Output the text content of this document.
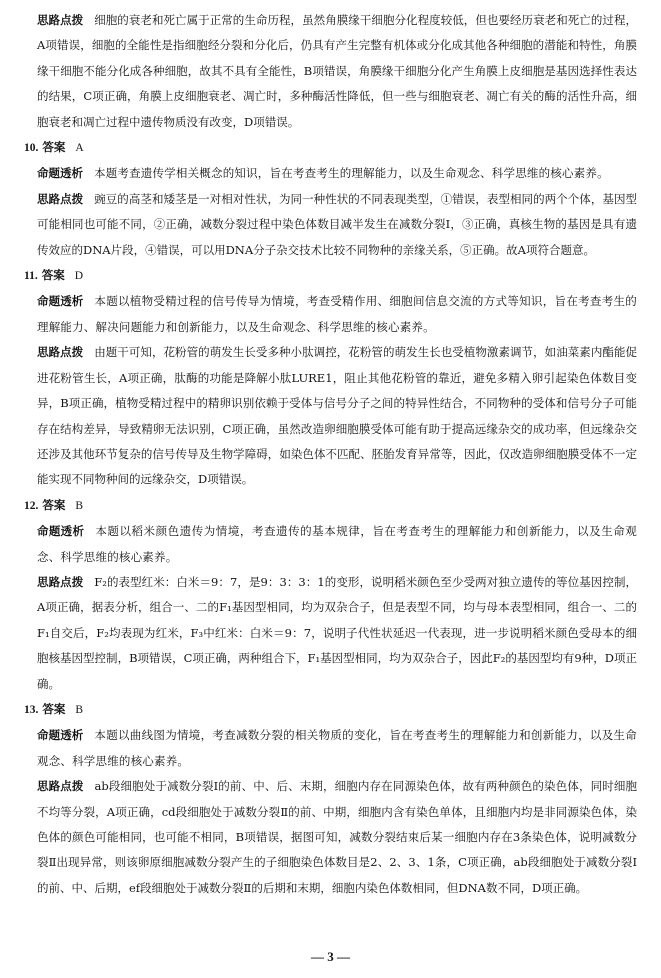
思路点拨 细胞的衰老和死亡属于正常的生命历程，虽然角膜缘干细胞分化程度较低，但也要经历衰老和死亡的过程，A项错误，细胞的全能性是指细胞经分裂和分化后，仍具有产生完整有机体或分化成其他各种细胞的潜能和特性，角膜缘干细胞不能分化成各种细胞，故其不具有全能性，B项错误，角膜缘干细胞分化产生角膜上皮细胞是基因选择性表达的结果，C项正确，角膜上皮细胞衰老、凋亡时，多种酶活性降低，但一些与细胞衰老、凋亡有关的酶的活性升高，细胞衰老和凋亡过程中遗传物质没有改变，D项错误。

10. 答案 A

命题透析 本题考查遗传学相关概念的知识，旨在考查考生的理解能力，以及生命观念、科学思维的核心素养。

思路点拨 豌豆的高茎和矮茎是一对相对性状，为同一种性状的不同表现类型，①错误，表型相同的两个个体，基因型可能相同也可能不同，②正确，减数分裂过程中染色体数目减半发生在减数分裂Ⅰ，③正确，真核生物的基因是具有遗传效应的DNA片段，④错误，可以用DNA分子杂交技术比较不同物种的亲缘关系，⑤正确。故A项符合题意。

11. 答案 D

命题透析 本题以植物受精过程的信号传导为情境，考查受精作用、细胞间信息交流的方式等知识，旨在考查考生的理解能力、解决问题能力和创新能力，以及生命观念、科学思维的核心素养。

思路点拨 由题干可知，花粉管的萌发生长受多种小肽调控，花粉管的萌发生长也受植物激素调节，如油菜素内酯能促进花粉管生长，A项正确，肽酶的功能是降解小肽LURE1，阻止其他花粉管的靠近，避免多精入卵引起染色体数目变异，B项正确，植物受精过程中的精卵识别依赖于受体与信号分子之间的特异性结合，不同物种的受体和信号分子可能存在结构差异，导致精卵无法识别，C项正确，虽然改造卵细胞膜受体可能有助于提高远缘杂交的成功率，但远缘杂交还涉及其他环节复杂的信号传导及生物学障碍，如染色体不匹配、胚胎发育异常等，因此，仅改造卵细胞膜受体不一定能实现不同物种间的远缘杂交，D项错误。

12. 答案 B

命题透析 本题以稻米颜色遗传为情境，考查遗传的基本规律，旨在考查考生的理解能力和创新能力，以及生命观念、科学思维的核心素养。

思路点拨 F₂的表型红米：白米＝9：7，是9：3：3：1的变形，说明稻米颜色至少受两对独立遗传的等位基因控制，A项正确，据表分析，组合一、二的F₁基因型相同，均为双杂合子，但是表型不同，均与母本表型相同，组合一、二的F₁自交后，F₂均表现为红米，F₃中红米：白米＝9：7，说明子代性状延迟一代表现，进一步说明稻米颜色受母本的细胞核基因型控制，B项错误，C项正确，两种组合下，F₁基因型相同，均为双杂合子，因此F₂的基因型均有9种，D项正确。

13. 答案 B

命题透析 本题以曲线图为情境，考查减数分裂的相关物质的变化，旨在考查考生的理解能力和创新能力，以及生命观念、科学思维的核心素养。

思路点拨 ab段细胞处于减数分裂Ⅰ的前、中、后、末期，细胞内存在同源染色体，故有两种颜色的染色体，同时细胞不均等分裂，A项正确，cd段细胞处于减数分裂Ⅱ的前、中期，细胞内含有染色单体，且细胞内均是非同源染色体，染色体的颜色可能相同，也可能不相同，B项错误，据图可知，减数分裂结束后某一细胞内存在3条染色体，说明减数分裂Ⅱ出现异常，则该卵原细胞减数分裂产生的子细胞染色体数目是2、2、3、1条，C项正确，ab段细胞处于减数分裂Ⅰ的前、中、后期，ef段细胞处于减数分裂Ⅱ的后期和末期，细胞内染色体数相同，但DNA数不同，D项正确。

— 3 —
